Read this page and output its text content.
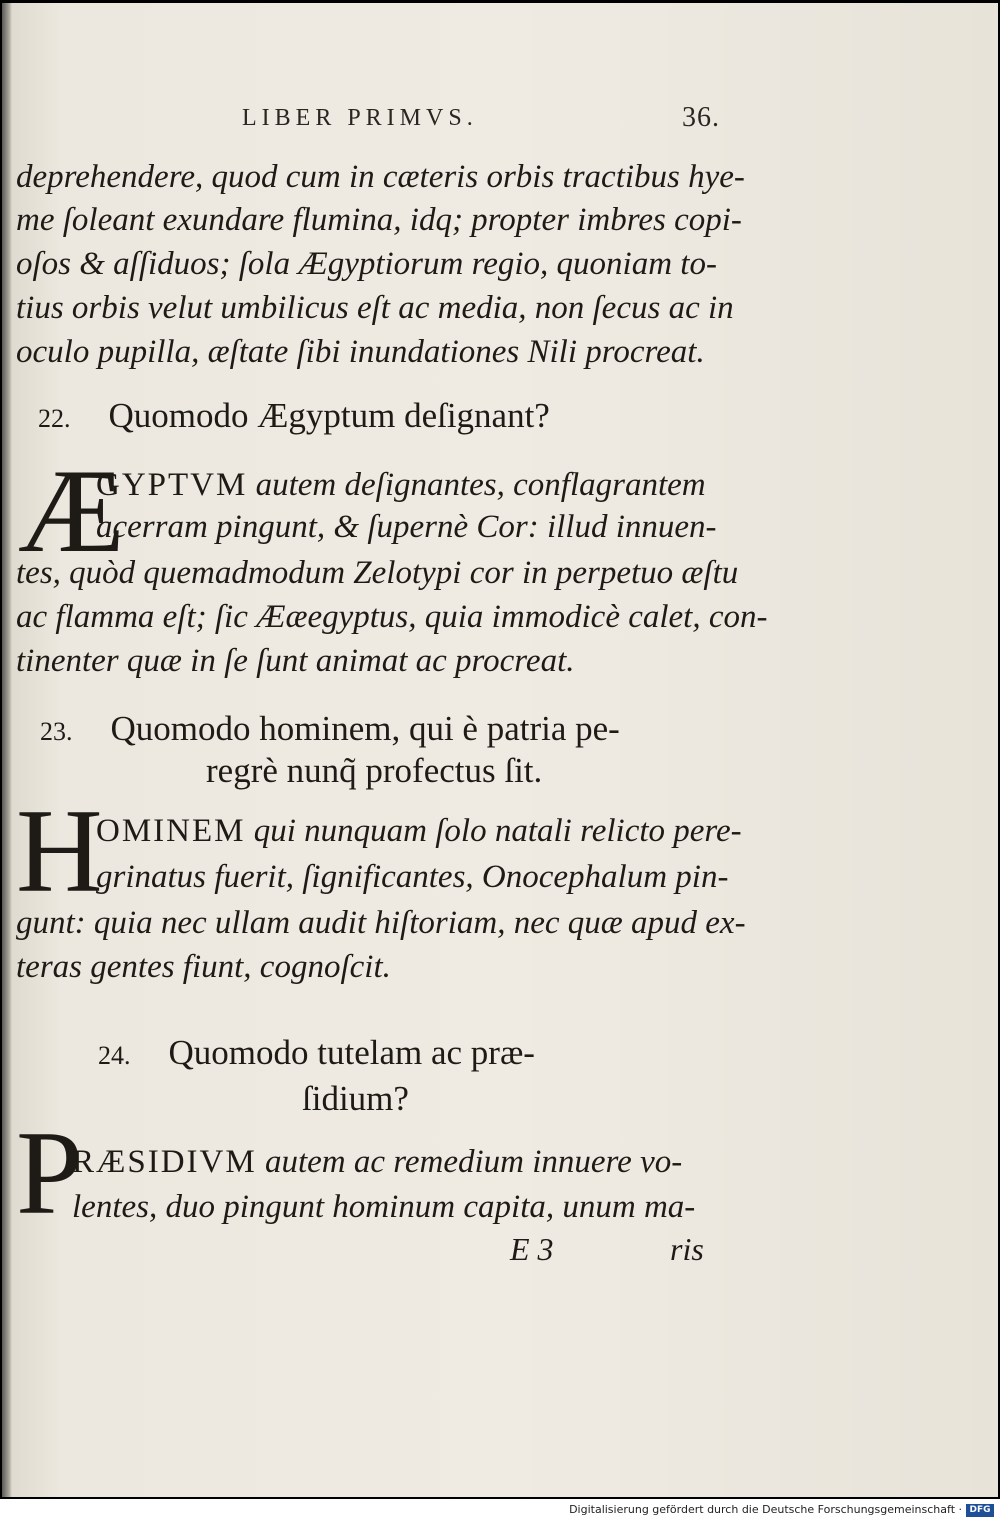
LIBER PRIMVS.	36.
deprehendere, quod cum in cæteris orbis tractibus hye-
me ſoleant exundare flumina, idq; propter imbres copi-
oſos & aſſiduos; ſola Ægyptiorum regio, quoniam to-
tius orbis velut umbilicus eſt ac media, non ſecus ac in
oculo pupilla, æſtate ſibi inundationes Nili procreat.
22. Quomodo Ægyptum deſignant?
Æ
GYPTVM autem deſignantes, conflagrantem
acerram pingunt, & ſupernè Cor: illud innuen-
tes, quòd quemadmodum Zelotypi cor in perpetuo æſtu
ac flamma eſt; ſic Ææegyptus, quia immodicè calet, con-
tinenter quæ in ſe ſunt animat ac procreat.
23. Quomodo hominem, qui è patria pe-
regrè nunq̃ profectus ſit.
H
OMINEM qui nunquam ſolo natali relicto pere-
grinatus fuerit, ſignificantes, Onocephalum pin-
gunt: quia nec ullam audit hiſtoriam, nec quæ apud ex-
teras gentes fiunt, cognoſcit.
24. Quomodo tutelam ac præ-
ſidium?
P
RÆSIDIVM autem ac remedium innuere vo-
lentes, duo pingunt hominum capita, unum ma-
E 3	ris
Digitalisierung gefördert durch die Deutsche Forschungsgemeinschaft · DFG
